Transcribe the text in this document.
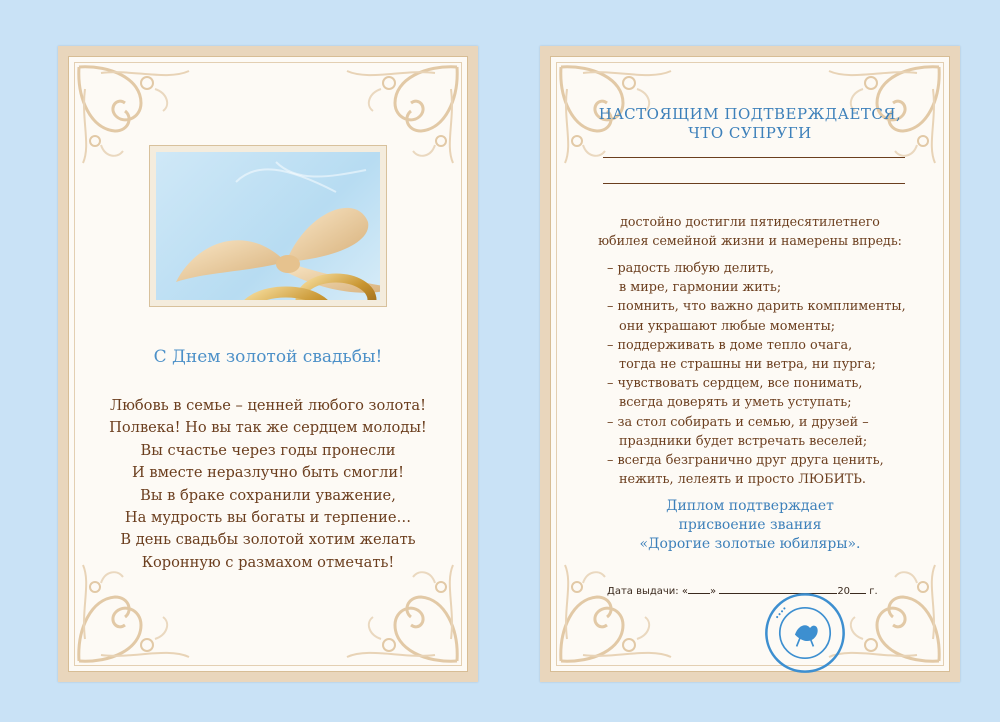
С Днем золотой свадьбы!
Любовь в семье – ценней любого золота!
Полвека! Но вы так же сердцем молоды!
Вы счастье через годы пронесли
И вместе неразлучно быть смогли!
Вы в браке сохранили уважение,
На мудрость вы богаты и терпение…
В день свадьбы золотой хотим желать
Коронную с размахом отмечать!
НАСТОЯЩИМ ПОДТВЕРЖДАЕТСЯ,
ЧТО СУПРУГИ
достойно достигли пятидесятилетнего
юбилея семейной жизни и намерены впредь:
– радость любую делить,
в мире, гармонии жить;
– помнить, что важно дарить комплименты,
они украшают любые моменты;
– поддерживать в доме тепло очага,
тогда не страшны ни ветра, ни пурга;
– чувствовать сердцем, все понимать,
всегда доверять и уметь уступать;
– за стол собирать и семью, и друзей –
праздники будет встречать веселей;
– всегда безгранично друг друга ценить,
нежить, лелеять и просто ЛЮБИТЬ.
Диплом подтверждает
присвоение звания
«Дорогие золотые юбиляры».
Дата выдачи: « »	20 г.
••••
